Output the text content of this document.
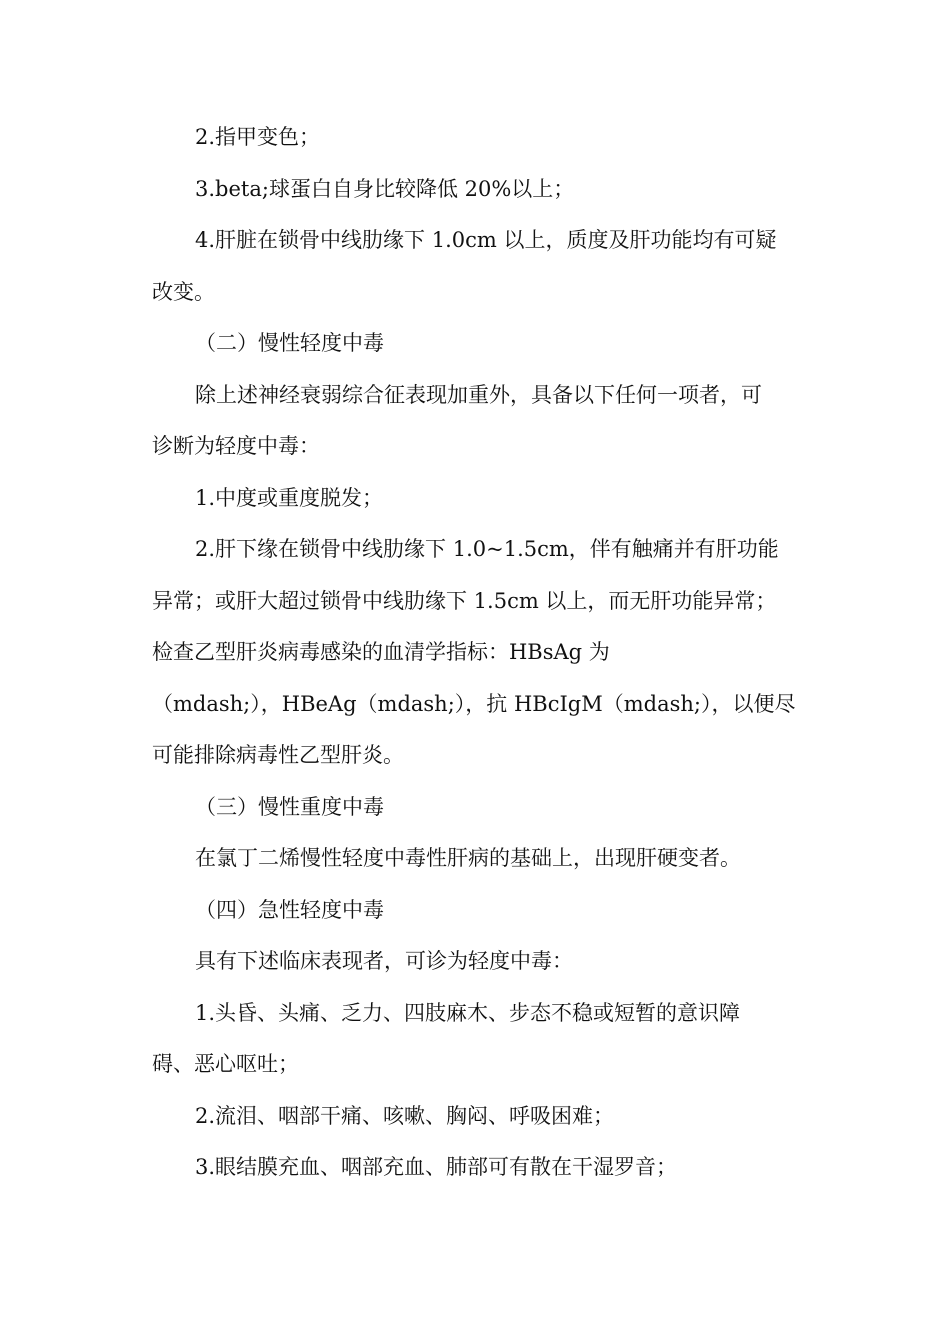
2.指甲变色；
3.beta;球蛋白自身比较降低 20%以上；
4.肝脏在锁骨中线肋缘下 1.0cm 以上，质度及肝功能均有可疑
改变。
（二）慢性轻度中毒
除上述神经衰弱综合征表现加重外，具备以下任何一项者，可
诊断为轻度中毒：
1.中度或重度脱发；
2.肝下缘在锁骨中线肋缘下 1.0~1.5cm，伴有触痛并有肝功能
异常；或肝大超过锁骨中线肋缘下 1.5cm 以上，而无肝功能异常；
检查乙型肝炎病毒感染的血清学指标：HBsAg 为
（mdash;），HBeAg（mdash;），抗 HBcIgM（mdash;），以便尽
可能排除病毒性乙型肝炎。
（三）慢性重度中毒
在氯丁二烯慢性轻度中毒性肝病的基础上，出现肝硬变者。
（四）急性轻度中毒
具有下述临床表现者，可诊为轻度中毒：
1.头昏、头痛、乏力、四肢麻木、步态不稳或短暂的意识障
碍、恶心呕吐；
2.流泪、咽部干痛、咳嗽、胸闷、呼吸困难；
3.眼结膜充血、咽部充血、肺部可有散在干湿罗音；
